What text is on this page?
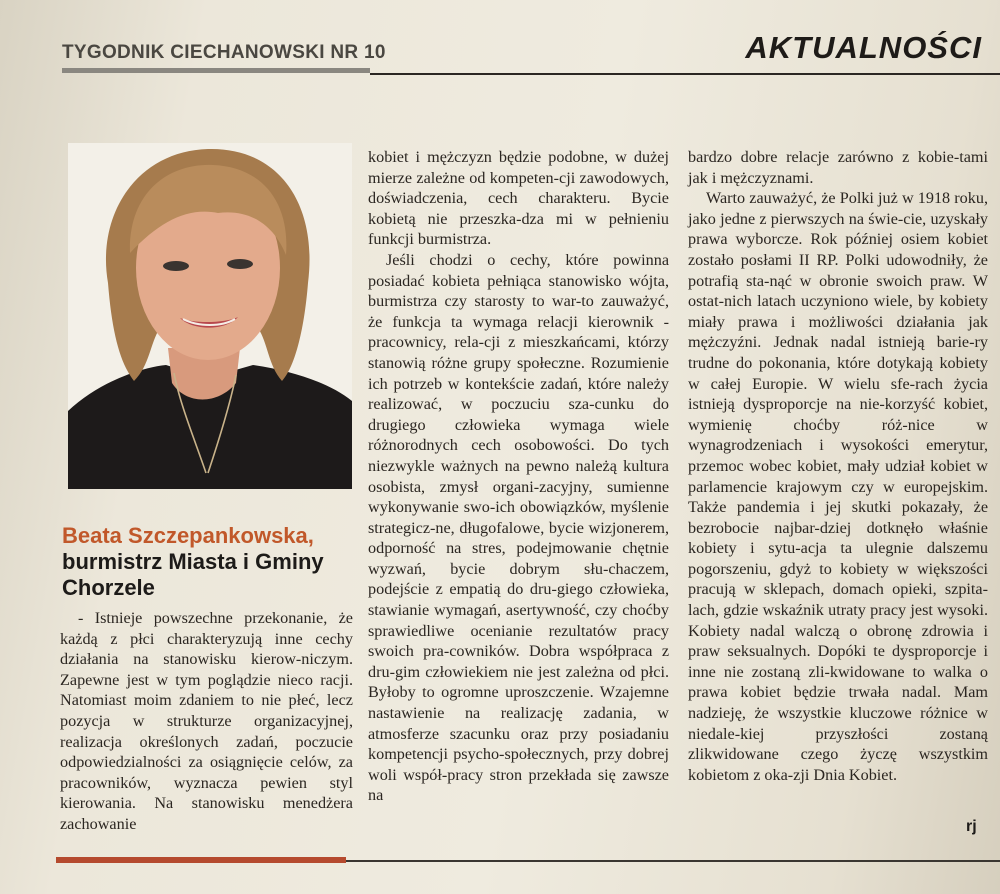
TYGODNIK CIECHANOWSKI NR 10	AKTUALNOŚCI
Beata Szczepankowska,
burmistrz Miasta i Gminy Chorzele

- Istnieje powszechne przekonanie, że każdą z płci charakteryzują inne cechy działania na stanowisku kierow-niczym. Zapewne jest w tym poglądzie nieco racji. Natomiast moim zdaniem to nie płeć, lecz pozycja w strukturze organizacyjnej, realizacja określonych zadań, poczucie odpowiedzialności za osiągnięcie celów, za pracowników, wyznacza pewien styl kierowania. Na stanowisku menedżera zachowanie

kobiet i mężczyzn będzie podobne, w dużej mierze zależne od kompeten-cji zawodowych, doświadczenia, cech charakteru. Bycie kobietą nie przeszka-dza mi w pełnieniu funkcji burmistrza.

Jeśli chodzi o cechy, które powinna posiadać kobieta pełniąca stanowisko wójta, burmistrza czy starosty to war-to zauważyć, że funkcja ta wymaga relacji kierownik - pracownicy, rela-cji z mieszkańcami, którzy stanowią różne grupy społeczne. Rozumienie ich potrzeb w kontekście zadań, które należy realizować, w poczuciu sza-cunku do drugiego człowieka wymaga wiele różnorodnych cech osobowości. Do tych niezwykle ważnych na pewno należą kultura osobista, zmysł organi-zacyjny, sumienne wykonywanie swo-ich obowiązków, myślenie strategicz-ne, długofalowe, bycie wizjonerem, odporność na stres, podejmowanie chętnie wyzwań, bycie dobrym słu-chaczem, podejście z empatią do dru-giego człowieka, stawianie wymagań, asertywność, czy choćby sprawiedliwe ocenianie rezultatów pracy swoich pra-cowników. Dobra współpraca z dru-gim człowiekiem nie jest zależna od płci. Byłoby to ogromne uproszczenie. Wzajemne nastawienie na realizację zadania, w atmosferze szacunku oraz przy posiadaniu kompetencji psycho-społecznych, przy dobrej woli współ-pracy stron przekłada się zawsze na

bardzo dobre relacje zarówno z kobie-tami jak i mężczyznami.

Warto zauważyć, że Polki już w 1918 roku, jako jedne z pierwszych na świe-cie, uzyskały prawa wyborcze. Rok później osiem kobiet zostało posłami II RP. Polki udowodniły, że potrafią sta-nąć w obronie swoich praw. W ostat-nich latach uczyniono wiele, by kobiety miały prawa i możliwości działania jak mężczyźni. Jednak nadal istnieją barie-ry trudne do pokonania, które dotykają kobiety w całej Europie. W wielu sfe-rach życia istnieją dysproporcje na nie-korzyść kobiet, wymienię choćby róż-nice w wynagrodzeniach i wysokości emerytur, przemoc wobec kobiet, mały udział kobiet w parlamencie krajowym czy w europejskim. Także pandemia i jej skutki pokazały, że bezrobocie najbar-dziej dotknęło właśnie kobiety i sytu-acja ta ulegnie dalszemu pogorszeniu, gdyż to kobiety w większości pracują w sklepach, domach opieki, szpita-lach, gdzie wskaźnik utraty pracy jest wysoki. Kobiety nadal walczą o obronę zdrowia i praw seksualnych. Dopóki te dysproporcje i inne nie zostaną zli-kwidowane to walka o prawa kobiet będzie trwała nadal. Mam nadzieję, że wszystkie kluczowe różnice w niedale-kiej przyszłości zostaną zlikwidowane czego życzę wszystkim kobietom z oka-zji Dnia Kobiet.

rj
